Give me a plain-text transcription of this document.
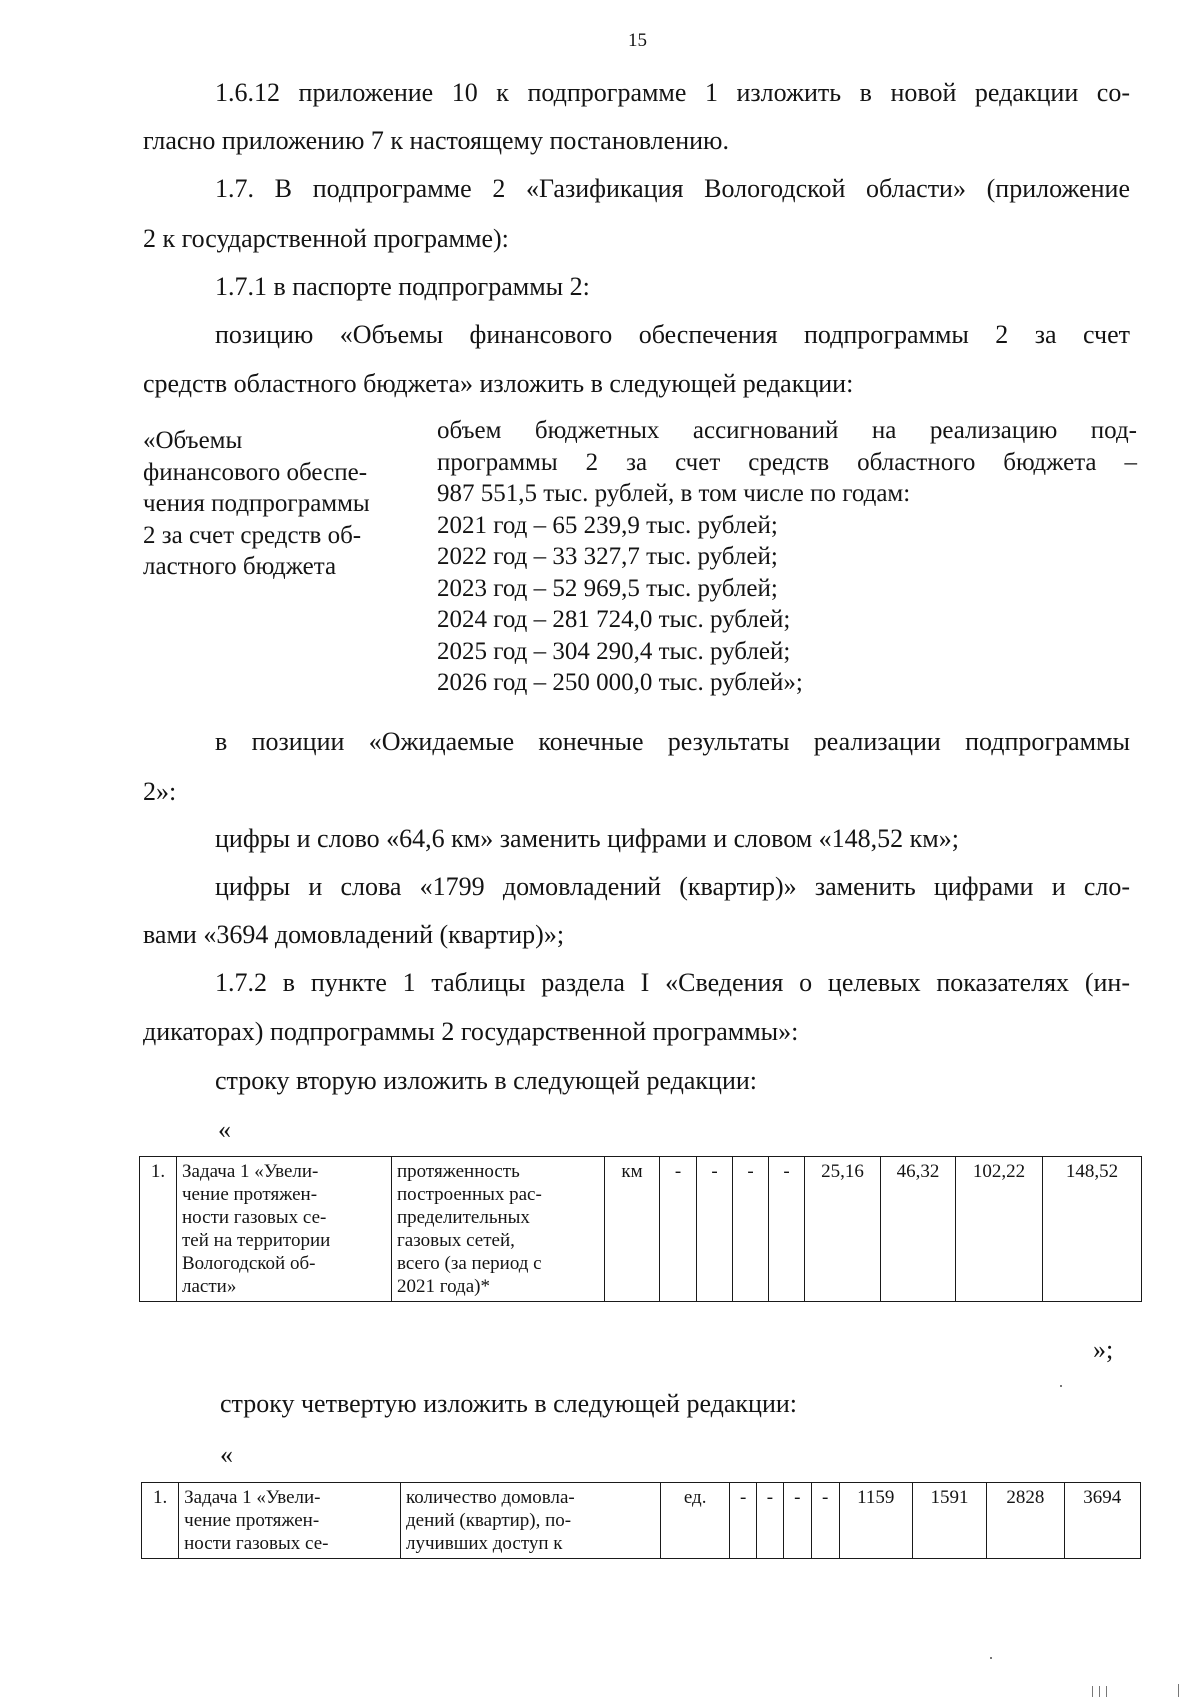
15
1.6.12 приложение 10 к подпрограмме 1 изложить в новой редакции со-
гласно приложению 7 к настоящему постановлению.
1.7. В подпрограмме 2 «Газификация Вологодской области» (приложение
2 к государственной программе):
1.7.1 в паспорте подпрограммы 2:
позицию «Объемы финансового обеспечения подпрограммы 2 за счет
средств областного бюджета» изложить в следующей редакции:
«Объемы
финансового обеспе-
чения подпрограммы
2 за счет средств об-
ластного бюджета
объем бюджетных ассигнований на реализацию под-
программы 2 за счет средств областного бюджета –
987 551,5 тыс. рублей, в том числе по годам:
2021 год – 65 239,9 тыс. рублей;
2022 год – 33 327,7 тыс. рублей;
2023 год – 52 969,5 тыс. рублей;
2024 год – 281 724,0 тыс. рублей;
2025 год – 304 290,4 тыс. рублей;
2026 год – 250 000,0 тыс. рублей»;
в позиции «Ожидаемые конечные результаты реализации подпрограммы
2»:
цифры и слово «64,6 км» заменить цифрами и словом «148,52 км»;
цифры и слова «1799 домовладений (квартир)» заменить цифрами и сло-
вами «3694 домовладений (квартир)»;
1.7.2 в пункте 1 таблицы раздела I «Сведения о целевых показателях (ин-
дикаторах) подпрограммы 2 государственной программы»:
строку вторую изложить в следующей редакции:
«
1.	Задача 1 «Увели-
чение протяжен-
ности газовых се-
тей на территории
Вологодской об-
ласти»

протяженность
построенных рас-
пределительных
газовых сетей,
всего (за период с
2021 года)*
	км	-	-	-	-	25,16	46,32	102,22	148,52
»;
строку четвертую изложить в следующей редакции:
«
1.	Задача 1 «Увели-
чение протяжен-
ности газовых се-

количество домовла-
дений (квартир), по-
лучивших доступ к
	ед.	-	-	-	-	1159	1591	2828	3694
